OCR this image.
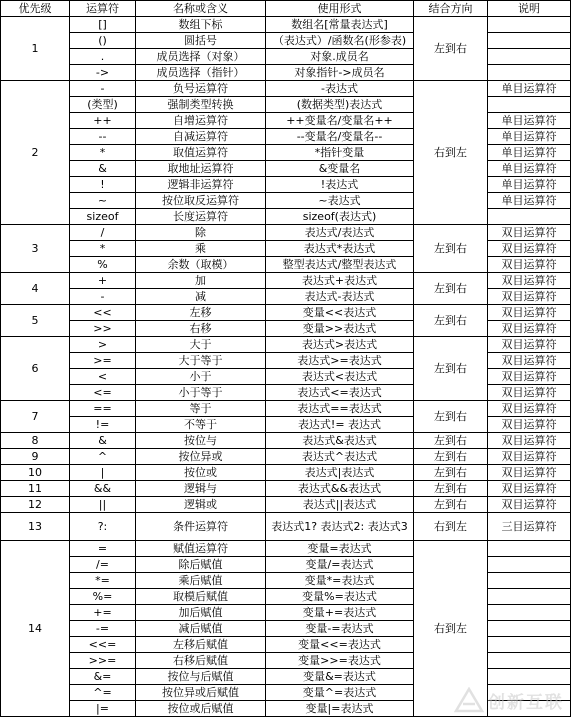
优先级	运算符	名称或含义	使用形式	结合方向	说明
1	[]	数组下标	数组名[常量表达式]	左到右	
	()	圆括号	（表达式）/函数名(形参表)		
	.	成员选择（对象）	对象.成员名		
	->	成员选择（指针）	对象指针->成员名		
2	-	负号运算符	-表达式	右到左	单目运算符
	(类型)	强制类型转换	(数据类型)表达式		
	++	自增运算符	++变量名/变量名++		单目运算符
	--	自减运算符	--变量名/变量名--		单目运算符
	*	取值运算符	*指针变量		单目运算符
	&	取地址运算符	&变量名		单目运算符
	!	逻辑非运算符	!表达式		单目运算符
	~	按位取反运算符	~表达式		单目运算符
	sizeof	长度运算符	sizeof(表达式)		
3	/	除	表达式/表达式	左到右	双目运算符
	*	乘	表达式*表达式		双目运算符
	%	余数（取模）	整型表达式/整型表达式		双目运算符
4	+	加	表达式+表达式	左到右	双目运算符
	-	减	表达式-表达式		双目运算符
5	<<	左移	变量<<表达式	左到右	双目运算符
	>>	右移	变量>>表达式		双目运算符
6	>	大于	表达式>表达式	左到右	双目运算符
	>=	大于等于	表达式>=表达式		双目运算符
	<	小于	表达式<表达式		双目运算符
	<=	小于等于	表达式<=表达式		双目运算符
7	==	等于	表达式==表达式	左到右	双目运算符
	!=	不等于	表达式!= 表达式		双目运算符
8	&	按位与	表达式&表达式	左到右	双目运算符
9	^	按位异或	表达式^表达式	左到右	双目运算符
10	|	按位或	表达式|表达式	左到右	双目运算符
11	&&	逻辑与	表达式&&表达式	左到右	双目运算符
12	||	逻辑或	表达式||表达式	左到右	双目运算符
13	?:	条件运算符	表达式1? 表达式2: 表达式3	右到左	三目运算符
14	=	赋值运算符	变量=表达式	右到左	
	/=	除后赋值	变量/=表达式		
	*=	乘后赋值	变量*=表达式		
	%=	取模后赋值	变量%=表达式		
	+=	加后赋值	变量+=表达式		
	-=	减后赋值	变量-=表达式		
	<<=	左移后赋值	变量<<=表达式		
	>>=	右移后赋值	变量>>=表达式		
	&=	按位与后赋值	变量&=表达式		
	^=	按位异或后赋值	变量^=表达式		
	|=	按位或后赋值	变量|=表达式			创新互联
